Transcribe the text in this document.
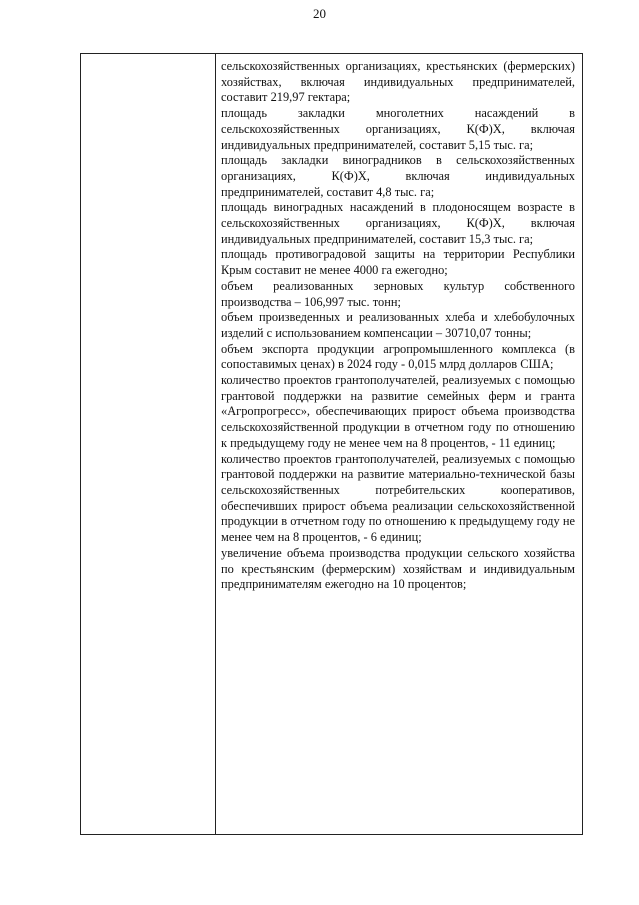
20

сельскохозяйственных организациях, крестьянских (фермерских) хозяйствах, включая индивидуальных предпринимателей, составит 219,97 гектара;

площадь закладки многолетних насаждений в сельскохозяйственных организациях, К(Ф)Х, включая индивидуальных предпринимателей, составит 5,15 тыс. га;

площадь закладки виноградников в сельскохозяйственных организациях, К(Ф)Х, включая индивидуальных предпринимателей, составит 4,8 тыс. га;

площадь виноградных насаждений в плодоносящем возрасте в сельскохозяйственных организациях, К(Ф)Х, включая индивидуальных предпринимателей, составит 15,3 тыс. га;

площадь противоградовой защиты на территории Республики Крым составит не менее 4000 га ежегодно;

объем реализованных зерновых культур собственного производства – 106,997 тыс. тонн;

объем произведенных и реализованных хлеба и хлебобулочных изделий с использованием компенсации – 30710,07 тонны;

объем экспорта продукции агропромышленного комплекса (в сопоставимых ценах) в 2024 году - 0,015 млрд долларов США;

количество проектов грантополучателей, реализуемых с помощью грантовой поддержки на развитие семейных ферм и гранта «Агропрогресс», обеспечивающих прирост объема производства сельскохозяйственной продукции в отчетном году по отношению к предыдущему году не менее чем на 8 процентов, - 11 единиц;

количество проектов грантополучателей, реализуемых с помощью грантовой поддержки на развитие материально-технической базы сельскохозяйственных потребительских кооперативов, обеспечивших прирост объема реализации сельскохозяйственной продукции в отчетном году по отношению к предыдущему году не менее чем на 8 процентов, - 6 единиц;

увеличение объема производства продукции сельского хозяйства по крестьянским (фермерским) хозяйствам и индивидуальным предпринимателям ежегодно на 10 процентов;
